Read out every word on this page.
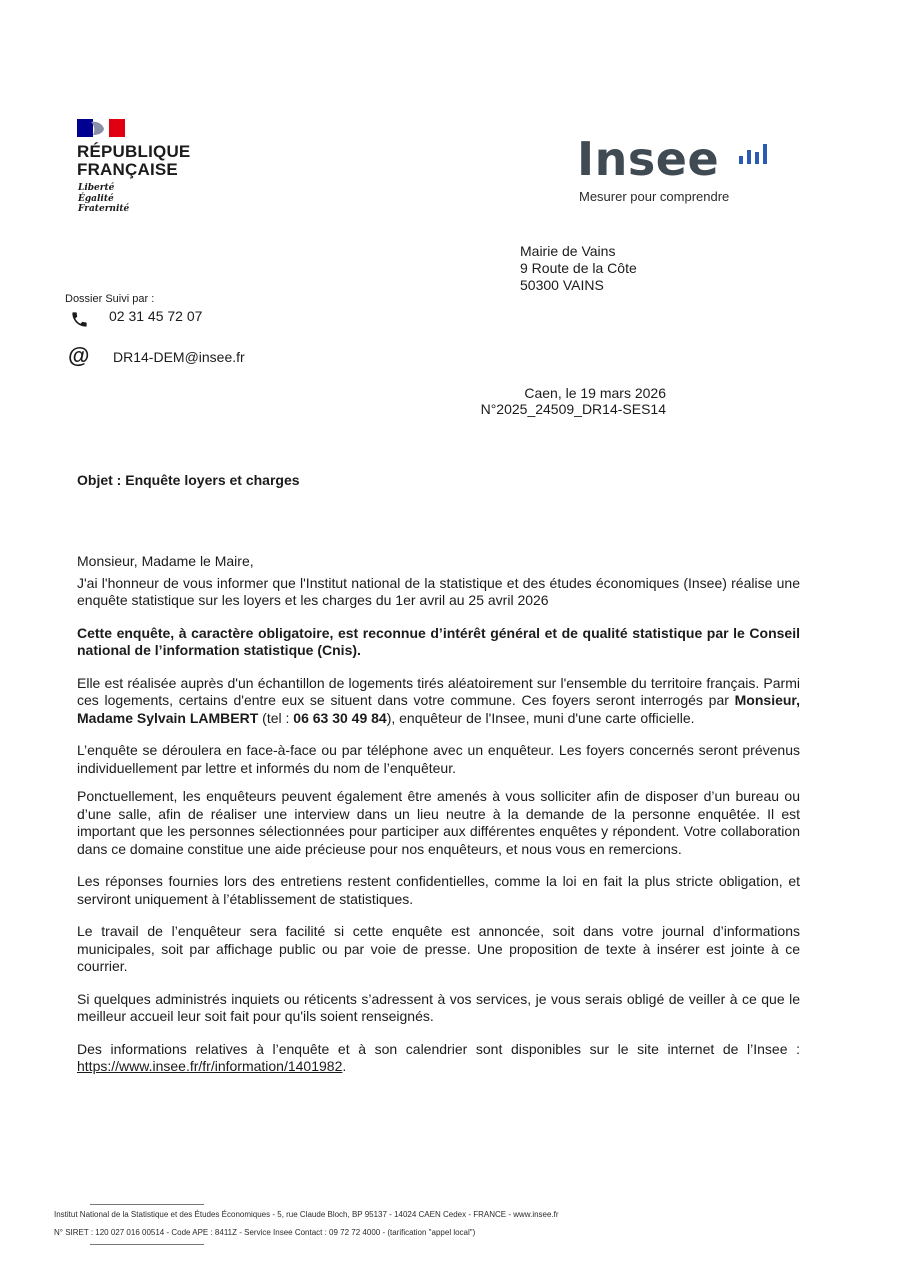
RÉPUBLIQUE
FRANÇAISE
Liberté
Égalité
Fraternité
Insee
Mesurer pour comprendre
Mairie de Vains
9 Route de la Côte
50300 VAINS
Dossier Suivi par :
02 31 45 72 07
@ DR14-DEM@insee.fr
Caen, le 19 mars 2026
N°2025_24509_DR14-SES14
Objet : Enquête loyers et charges

Monsieur, Madame le Maire,

J'ai l'honneur de vous informer que l'Institut national de la statistique et des études économiques (Insee) réalise une enquête statistique sur les loyers et les charges du 1er avril au 25 avril 2026

Cette enquête, à caractère obligatoire, est reconnue d’intérêt général et de qualité statistique par le Conseil national de l’information statistique (Cnis).

Elle est réalisée auprès d'un échantillon de logements tirés aléatoirement sur l'ensemble du territoire français. Parmi ces logements, certains d'entre eux se situent dans votre commune. Ces foyers seront interrogés par Monsieur, Madame Sylvain LAMBERT (tel : 06 63 30 49 84), enquêteur de l'Insee, muni d'une carte officielle.

L’enquête se déroulera en face-à-face ou par téléphone avec un enquêteur. Les foyers concernés seront prévenus individuellement par lettre et informés du nom de l’enquêteur.

Ponctuellement, les enquêteurs peuvent également être amenés à vous solliciter afin de disposer d’un bureau ou d’une salle, afin de réaliser une interview dans un lieu neutre à la demande de la personne enquêtée. Il est important que les personnes sélectionnées pour participer aux différentes enquêtes y répondent. Votre collaboration dans ce domaine constitue une aide précieuse pour nos enquêteurs, et nous vous en remercions.

Les réponses fournies lors des entretiens restent confidentielles, comme la loi en fait la plus stricte obligation, et serviront uniquement à l’établissement de statistiques.

Le travail de l’enquêteur sera facilité si cette enquête est annoncée, soit dans votre journal d’informations municipales, soit par affichage public ou par voie de presse. Une proposition de texte à insérer est jointe à ce courrier.

Si quelques administrés inquiets ou réticents s’adressent à vos services, je vous serais obligé de veiller à ce que le meilleur accueil leur soit fait pour qu'ils soient renseignés.

Des informations relatives à l’enquête et à son calendrier sont disponibles sur le site internet de l’Insee : https://www.insee.fr/fr/information/1401982.

Institut National de la Statistique et des Études Économiques - 5, rue Claude Bloch, BP 95137 - 14024 CAEN Cedex - FRANCE - www.insee.fr
N° SIRET : 120 027 016 00514 - Code APE : 8411Z - Service Insee Contact : 09 72 72 4000 - (tarification "appel local")
